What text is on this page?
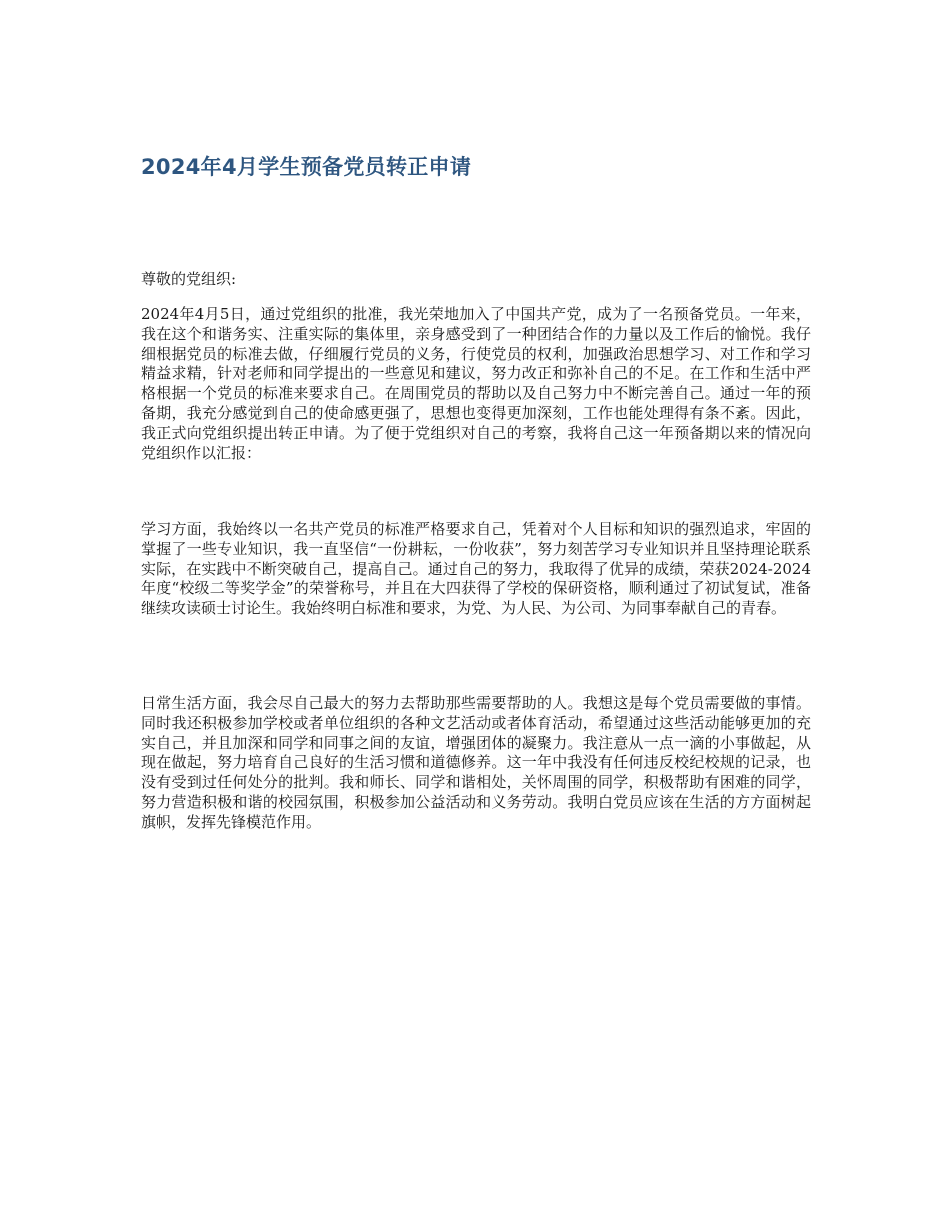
2024年4月学生预备党员转正申请
尊敬的党组织:

2024年4月5日，通过党组织的批准，我光荣地加入了中国共产党，成为了一名预备党员。一年来，我在这个和谐务实、注重实际的集体里，亲身感受到了一种团结合作的力量以及工作后的愉悦。我仔细根据党员的标准去做，仔细履行党员的义务，行使党员的权利，加强政治思想学习、对工作和学习精益求精，针对老师和同学提出的一些意见和建议，努力改正和弥补自己的不足。在工作和生活中严格根据一个党员的标准来要求自己。在周围党员的帮助以及自己努力中不断完善自己。通过一年的预备期，我充分感觉到自己的使命感更强了，思想也变得更加深刻，工作也能处理得有条不紊。因此，我正式向党组织提出转正申请。为了便于党组织对自己的考察，我将自己这一年预备期以来的情况向党组织作以汇报：

学习方面，我始终以一名共产党员的标准严格要求自己，凭着对个人目标和知识的强烈追求，牢固的掌握了一些专业知识，我一直坚信“一份耕耘，一份收获”，努力刻苦学习专业知识并且坚持理论联系实际，在实践中不断突破自己，提高自己。通过自己的努力，我取得了优异的成绩，荣获2024-2024年度“校级二等奖学金”的荣誉称号，并且在大四获得了学校的保研资格，顺利通过了初试复试，准备继续攻读硕士讨论生。我始终明白标准和要求，为党、为人民、为公司、为同事奉献自己的青春。

日常生活方面，我会尽自己最大的努力去帮助那些需要帮助的人。我想这是每个党员需要做的事情。同时我还积极参加学校或者单位组织的各种文艺活动或者体育活动，希望通过这些活动能够更加的充实自己，并且加深和同学和同事之间的友谊，增强团体的凝聚力。我注意从一点一滴的小事做起，从现在做起，努力培育自己良好的生活习惯和道德修养。这一年中我没有任何违反校纪校规的记录，也没有受到过任何处分的批判。我和师长、同学和谐相处，关怀周围的同学，积极帮助有困难的同学，努力营造积极和谐的校园氛围，积极参加公益活动和义务劳动。我明白党员应该在生活的方方面树起旗帜，发挥先锋模范作用。
